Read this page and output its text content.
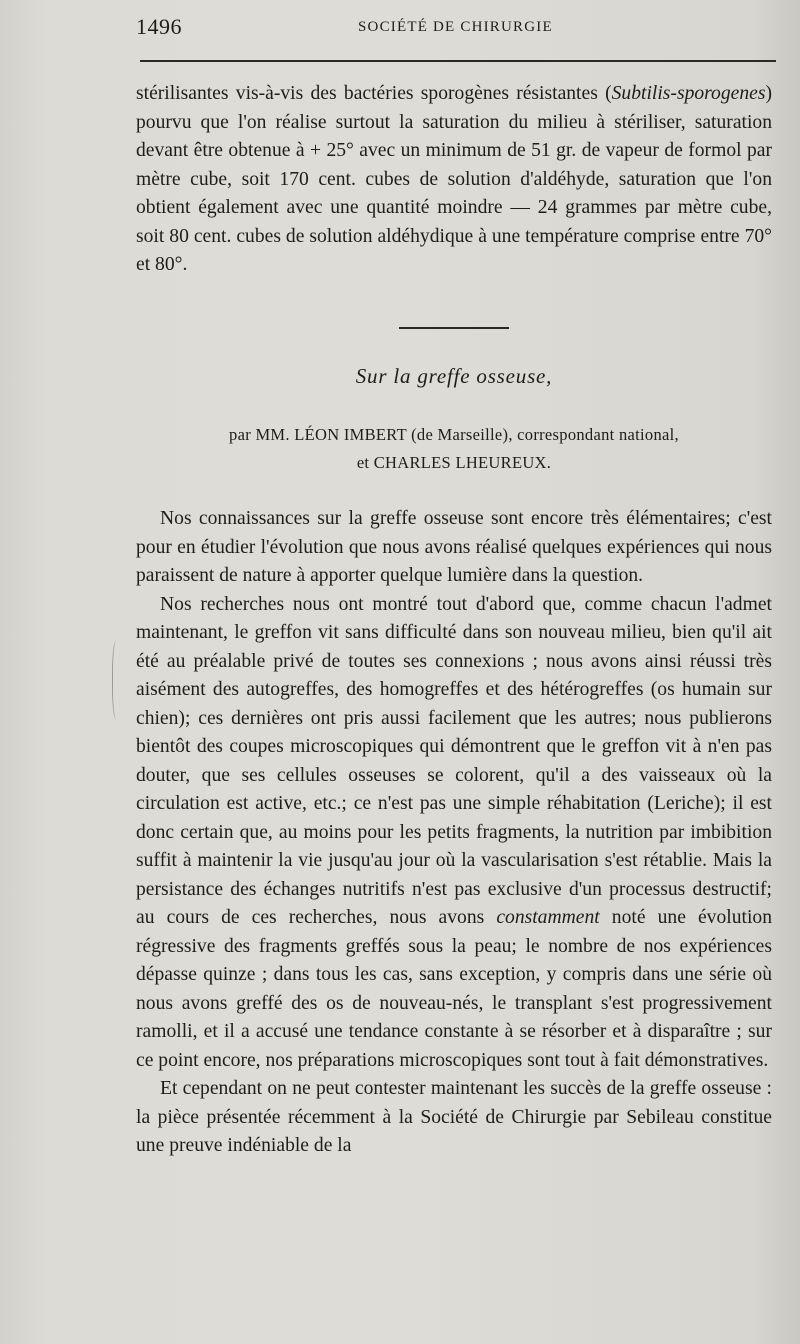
1496	SOCIÉTÉ DE CHIRURGIE

stérilisantes vis-à-vis des bactéries sporogènes résistantes (Subtilis-sporogenes) pourvu que l'on réalise surtout la saturation du milieu à stériliser, saturation devant être obtenue à + 25° avec un minimum de 51 gr. de vapeur de formol par mètre cube, soit 170 cent. cubes de solution d'aldéhyde, saturation que l'on obtient également avec une quantité moindre — 24 grammes par mètre cube, soit 80 cent. cubes de solution aldéhydique à une température comprise entre 70° et 80°.

Sur la greffe osseuse,
par MM. LÉON IMBERT (de Marseille), correspondant national,
et CHARLES LHEUREUX.

Nos connaissances sur la greffe osseuse sont encore très élémentaires; c'est pour en étudier l'évolution que nous avons réalisé quelques expériences qui nous paraissent de nature à apporter quelque lumière dans la question.

Nos recherches nous ont montré tout d'abord que, comme chacun l'admet maintenant, le greffon vit sans difficulté dans son nouveau milieu, bien qu'il ait été au préalable privé de toutes ses connexions ; nous avons ainsi réussi très aisément des autogreffes, des homogreffes et des hétérogreffes (os humain sur chien); ces dernières ont pris aussi facilement que les autres; nous publierons bientôt des coupes microscopiques qui démontrent que le greffon vit à n'en pas douter, que ses cellules osseuses se colorent, qu'il a des vaisseaux où la circulation est active, etc.; ce n'est pas une simple réhabitation (Leriche); il est donc certain que, au moins pour les petits fragments, la nutrition par imbibition suffit à maintenir la vie jusqu'au jour où la vascularisation s'est rétablie. Mais la persistance des échanges nutritifs n'est pas exclusive d'un processus destructif; au cours de ces recherches, nous avons constamment noté une évolution régressive des fragments greffés sous la peau; le nombre de nos expériences dépasse quinze ; dans tous les cas, sans exception, y compris dans une série où nous avons greffé des os de nouveau-nés, le transplant s'est progressivement ramolli, et il a accusé une tendance constante à se résorber et à disparaître ; sur ce point encore, nos préparations microscopiques sont tout à fait démonstratives.

Et cependant on ne peut contester maintenant les succès de la greffe osseuse : la pièce présentée récemment à la Société de Chirurgie par Sebileau constitue une preuve indéniable de la
